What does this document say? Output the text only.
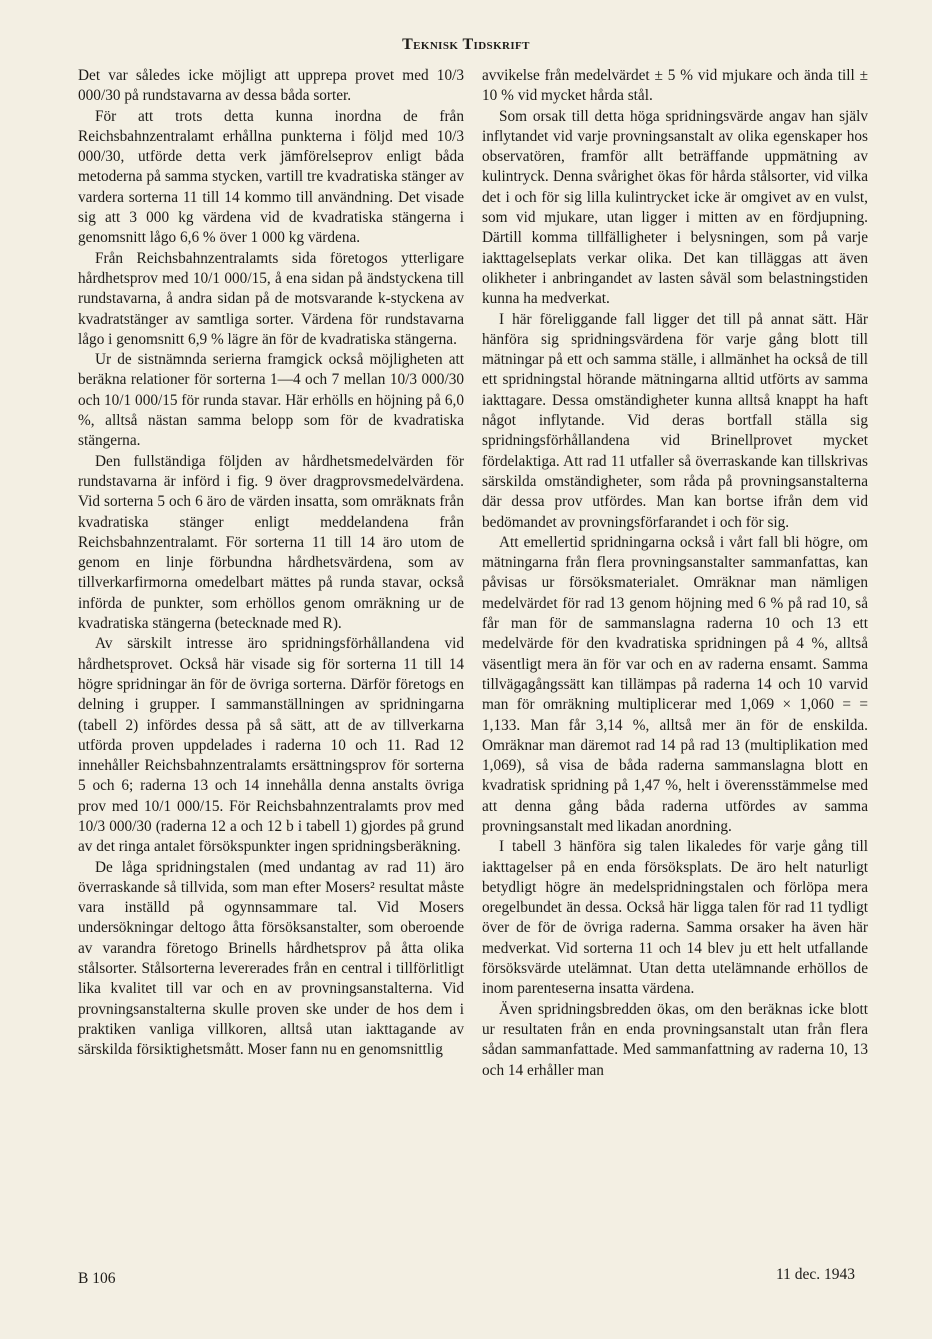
Teknisk Tidskrift

Det var således icke möjligt att upprepa provet med 10/3 000/30 på rundstavarna av dessa båda sorter.

För att trots detta kunna inordna de från Reichsbahnzentralamt erhållna punkterna i följd med 10/3 000/30, utförde detta verk jämförelseprov enligt båda metoderna på samma stycken, vartill tre kvadratiska stänger av vardera sorterna 11 till 14 kommo till användning. Det visade sig att 3 000 kg värdena vid de kvadratiska stängerna i genomsnitt lågo 6,6 % över 1 000 kg värdena.

Från Reichsbahnzentralamts sida företogos ytterligare hårdhetsprov med 10/1 000/15, å ena sidan på ändstyckena till rundstavarna, å andra sidan på de motsvarande k-styckena av kvadratstänger av samtliga sorter. Värdena för rundstavarna lågo i genomsnitt 6,9 % lägre än för de kvadratiska stängerna.

Ur de sistnämnda serierna framgick också möjligheten att beräkna relationer för sorterna 1—4 och 7 mellan 10/3 000/30 och 10/1 000/15 för runda stavar. Här erhölls en höjning på 6,0 %, alltså nästan samma belopp som för de kvadratiska stängerna.

Den fullständiga följden av hårdhetsmedelvärden för rundstavarna är införd i fig. 9 över dragprovsmedelvärdena. Vid sorterna 5 och 6 äro de värden insatta, som omräknats från kvadratiska stänger enligt meddelandena från Reichsbahnzentralamt. För sorterna 11 till 14 äro utom de genom en linje förbundna hårdhetsvärdena, som av tillverkarfirmorna omedelbart mättes på runda stavar, också införda de punkter, som erhöllos genom omräkning ur de kvadratiska stängerna (betecknade med R).

Av särskilt intresse äro spridningsförhållandena vid hårdhetsprovet. Också här visade sig för sorterna 11 till 14 högre spridningar än för de övriga sorterna. Därför företogs en delning i grupper. I sammanställningen av spridningarna (tabell 2) infördes dessa på så sätt, att de av tillverkarna utförda proven uppdelades i raderna 10 och 11. Rad 12 innehåller Reichsbahnzentralamts ersättningsprov för sorterna 5 och 6; raderna 13 och 14 innehålla denna anstalts övriga prov med 10/1 000/15. För Reichsbahnzentralamts prov med 10/3 000/30 (raderna 12 a och 12 b i tabell 1) gjordes på grund av det ringa antalet försökspunkter ingen spridningsberäkning.

De låga spridningstalen (med undantag av rad 11) äro överraskande så tillvida, som man efter Mosers² resultat måste vara inställd på ogynnsammare tal. Vid Mosers undersökningar deltogo åtta försöksanstalter, som oberoende av varandra företogo Brinells hårdhetsprov på åtta olika stålsorter. Stålsorterna levererades från en central i tillförlitligt lika kvalitet till var och en av provningsanstalterna. Vid provningsanstalterna skulle proven ske under de hos dem i praktiken vanliga villkoren, alltså utan iakttagande av särskilda försiktighetsmått. Moser fann nu en genomsnittlig

avvikelse från medelvärdet ± 5 % vid mjukare och ända till ± 10 % vid mycket hårda stål.

Som orsak till detta höga spridningsvärde angav han själv inflytandet vid varje provningsanstalt av olika egenskaper hos observatören, framför allt beträffande uppmätning av kulintryck. Denna svårighet ökas för hårda stålsorter, vid vilka det i och för sig lilla kulintrycket icke är omgivet av en vulst, som vid mjukare, utan ligger i mitten av en fördjupning. Därtill komma tillfälligheter i belysningen, som på varje iakttagelseplats verkar olika. Det kan tilläggas att även olikheter i anbringandet av lasten såväl som belastningstiden kunna ha medverkat.

I här föreliggande fall ligger det till på annat sätt. Här hänföra sig spridningsvärdena för varje gång blott till mätningar på ett och samma ställe, i allmänhet ha också de till ett spridningstal hörande mätningarna alltid utförts av samma iakttagare. Dessa omständigheter kunna alltså knappt ha haft något inflytande. Vid deras bortfall ställa sig spridningsförhållandena vid Brinellprovet mycket fördelaktiga. Att rad 11 utfaller så överraskande kan tillskrivas särskilda omständigheter, som råda på provningsanstalterna där dessa prov utfördes. Man kan bortse ifrån dem vid bedömandet av provningsförfarandet i och för sig.

Att emellertid spridningarna också i vårt fall bli högre, om mätningarna från flera provningsanstalter sammanfattas, kan påvisas ur försöksmaterialet. Omräknar man nämligen medelvärdet för rad 13 genom höjning med 6 % på rad 10, så får man för de sammanslagna raderna 10 och 13 ett medelvärde för den kvadratiska spridningen på 4 %, alltså väsentligt mera än för var och en av raderna ensamt. Samma tillvägagångssätt kan tillämpas på raderna 14 och 10 varvid man för omräkning multiplicerar med 1,069 × 1,060 = = 1,133. Man får 3,14 %, alltså mer än för de enskilda. Omräknar man däremot rad 14 på rad 13 (multiplikation med 1,069), så visa de båda raderna sammanslagna blott en kvadratisk spridning på 1,47 %, helt i överensstämmelse med att denna gång båda raderna utfördes av samma provningsanstalt med likadan anordning.

I tabell 3 hänföra sig talen likaledes för varje gång till iakttagelser på en enda försöksplats. De äro helt naturligt betydligt högre än medelspridningstalen och förlöpa mera oregelbundet än dessa. Också här ligga talen för rad 11 tydligt över de för de övriga raderna. Samma orsaker ha även här medverkat. Vid sorterna 11 och 14 blev ju ett helt utfallande försöksvärde utelämnat. Utan detta utelämnande erhöllos de inom parenteserna insatta värdena.

Även spridningsbredden ökas, om den beräknas icke blott ur resultaten från en enda provningsanstalt utan från flera sådan sammanfattade. Med sammanfattning av raderna 10, 13 och 14 erhåller man

B 106	11 dec. 1943
